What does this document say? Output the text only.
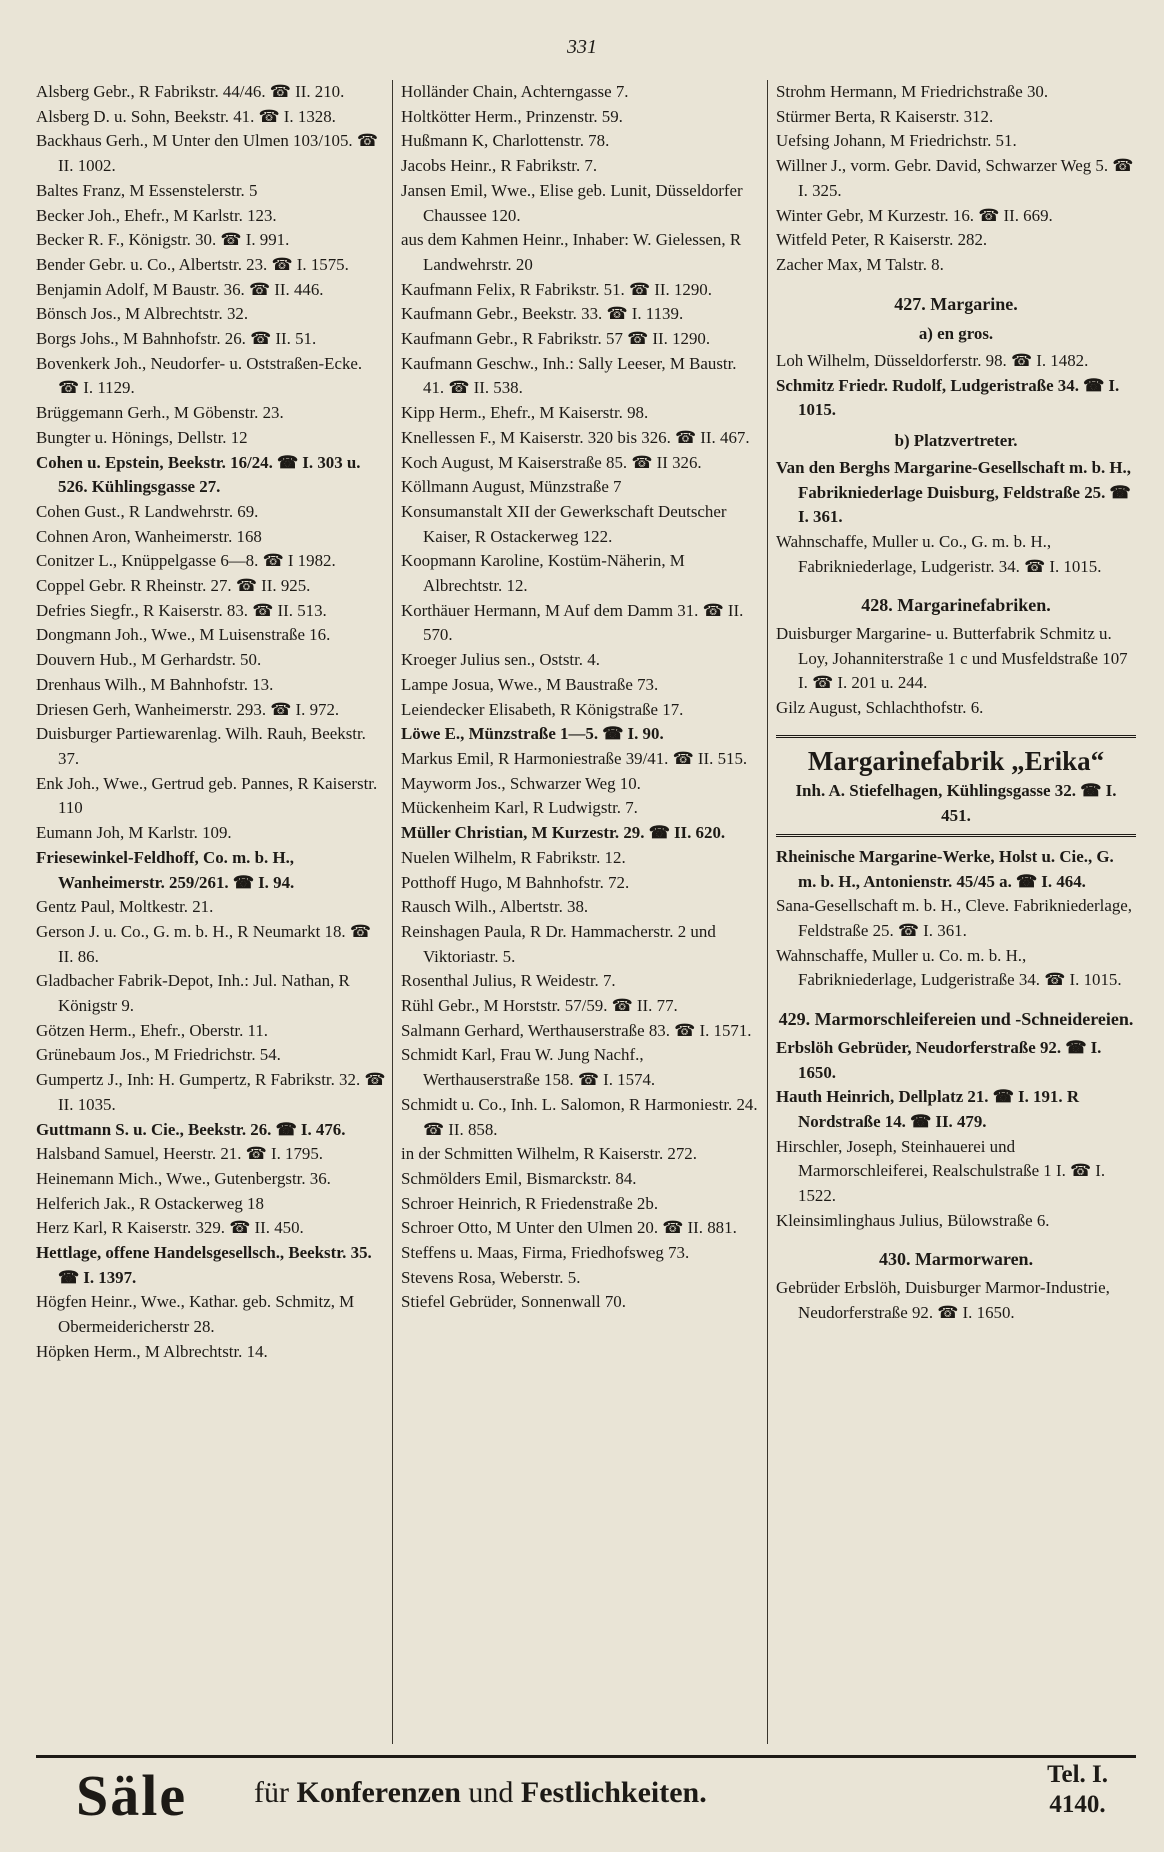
331

Alsberg Gebr., R Fabrikstr. 44/46. ☎ II. 210.

Alsberg D. u. Sohn, Beekstr. 41. ☎ I. 1328.

Backhaus Gerh., M Unter den Ulmen 103/105. ☎ II. 1002.

Baltes Franz, M Essenstelerstr. 5

Becker Joh., Ehefr., M Karlstr. 123.

Becker R. F., Königstr. 30. ☎ I. 991.

Bender Gebr. u. Co., Albertstr. 23. ☎ I. 1575.

Benjamin Adolf, M Baustr. 36. ☎ II. 446.

Bönsch Jos., M Albrechtstr. 32.

Borgs Johs., M Bahnhofstr. 26. ☎ II. 51.

Bovenkerk Joh., Neudorfer- u. Oststraßen-Ecke. ☎ I. 1129.

Brüggemann Gerh., M Göbenstr. 23.

Bungter u. Hönings, Dellstr. 12

Cohen u. Epstein, Beekstr. 16/24. ☎ I. 303 u. 526. Kühlingsgasse 27.

Cohen Gust., R Landwehrstr. 69.

Cohnen Aron, Wanheimerstr. 168

Conitzer L., Knüppelgasse 6—8. ☎ I 1982.

Coppel Gebr. R Rheinstr. 27. ☎ II. 925.

Defries Siegfr., R Kaiserstr. 83. ☎ II. 513.

Dongmann Joh., Wwe., M Luisenstraße 16.

Douvern Hub., M Gerhardstr. 50.

Drenhaus Wilh., M Bahnhofstr. 13.

Driesen Gerh, Wanheimerstr. 293. ☎ I. 972.

Duisburger Partiewarenlag. Wilh. Rauh, Beekstr. 37.

Enk Joh., Wwe., Gertrud geb. Pannes, R Kaiserstr. 110

Eumann Joh, M Karlstr. 109.

Friesewinkel-Feldhoff, Co. m. b. H., Wanheimerstr. 259/261. ☎ I. 94.

Gentz Paul, Moltkestr. 21.

Gerson J. u. Co., G. m. b. H., R Neumarkt 18. ☎ II. 86.

Gladbacher Fabrik-Depot, Inh.: Jul. Nathan, R Königstr 9.

Götzen Herm., Ehefr., Oberstr. 11.

Grünebaum Jos., M Friedrichstr. 54.

Gumpertz J., Inh: H. Gumpertz, R Fabrikstr. 32. ☎ II. 1035.

Guttmann S. u. Cie., Beekstr. 26. ☎ I. 476.

Halsband Samuel, Heerstr. 21. ☎ I. 1795.

Heinemann Mich., Wwe., Gutenbergstr. 36.

Helferich Jak., R Ostackerweg 18

Herz Karl, R Kaiserstr. 329. ☎ II. 450.

Hettlage, offene Handelsgesellsch., Beekstr. 35. ☎ I. 1397.

Högfen Heinr., Wwe., Kathar. geb. Schmitz, M Obermeidericherstr 28.

Höpken Herm., M Albrechtstr. 14.

Holländer Chain, Achterngasse 7.

Holtkötter Herm., Prinzenstr. 59.

Hußmann K, Charlottenstr. 78.

Jacobs Heinr., R Fabrikstr. 7.

Jansen Emil, Wwe., Elise geb. Lunit, Düsseldorfer Chaussee 120.

aus dem Kahmen Heinr., Inhaber: W. Gielessen, R Landwehrstr. 20

Kaufmann Felix, R Fabrikstr. 51. ☎ II. 1290.

Kaufmann Gebr., Beekstr. 33. ☎ I. 1139.

Kaufmann Gebr., R Fabrikstr. 57 ☎ II. 1290.

Kaufmann Geschw., Inh.: Sally Leeser, M Baustr. 41. ☎ II. 538.

Kipp Herm., Ehefr., M Kaiserstr. 98.

Knellessen F., M Kaiserstr. 320 bis 326. ☎ II. 467.

Koch August, M Kaiserstraße 85. ☎ II 326.

Köllmann August, Münzstraße 7

Konsumanstalt XII der Gewerkschaft Deutscher Kaiser, R Ostackerweg 122.

Koopmann Karoline, Kostüm-Näherin, M Albrechtstr. 12.

Korthäuer Hermann, M Auf dem Damm 31. ☎ II. 570.

Kroeger Julius sen., Oststr. 4.

Lampe Josua, Wwe., M Baustraße 73.

Leiendecker Elisabeth, R Königstraße 17.

Löwe E., Münzstraße 1—5. ☎ I. 90.

Markus Emil, R Harmoniestraße 39/41. ☎ II. 515.

Mayworm Jos., Schwarzer Weg 10.

Mückenheim Karl, R Ludwigstr. 7.

Müller Christian, M Kurzestr. 29. ☎ II. 620.

Nuelen Wilhelm, R Fabrikstr. 12.

Potthoff Hugo, M Bahnhofstr. 72.

Rausch Wilh., Albertstr. 38.

Reinshagen Paula, R Dr. Hammacherstr. 2 und Viktoriastr. 5.

Rosenthal Julius, R Weidestr. 7.

Rühl Gebr., M Horststr. 57/59. ☎ II. 77.

Salmann Gerhard, Werthauserstraße 83. ☎ I. 1571.

Schmidt Karl, Frau W. Jung Nachf., Werthauserstraße 158. ☎ I. 1574.

Schmidt u. Co., Inh. L. Salomon, R Harmoniestr. 24. ☎ II. 858.

in der Schmitten Wilhelm, R Kaiserstr. 272.

Schmölders Emil, Bismarckstr. 84.

Schroer Heinrich, R Friedenstraße 2b.

Schroer Otto, M Unter den Ulmen 20. ☎ II. 881.

Steffens u. Maas, Firma, Friedhofsweg 73.

Stevens Rosa, Weberstr. 5.

Stiefel Gebrüder, Sonnenwall 70.

Strohm Hermann, M Friedrichstraße 30.

Stürmer Berta, R Kaiserstr. 312.

Uefsing Johann, M Friedrichstr. 51.

Willner J., vorm. Gebr. David, Schwarzer Weg 5. ☎ I. 325.

Winter Gebr, M Kurzestr. 16. ☎ II. 669.

Witfeld Peter, R Kaiserstr. 282.

Zacher Max, M Talstr. 8.

427. Margarine.
a) en gros.

Loh Wilhelm, Düsseldorferstr. 98. ☎ I. 1482.

Schmitz Friedr. Rudolf, Ludgeristraße 34. ☎ I. 1015.

b) Platzvertreter.

Van den Berghs Margarine-Gesellschaft m. b. H., Fabrikniederlage Duisburg, Feldstraße 25. ☎ I. 361.

Wahnschaffe, Muller u. Co., G. m. b. H., Fabrikniederlage, Ludgeristr. 34. ☎ I. 1015.

428. Margarinefabriken.

Duisburger Margarine- u. Butterfabrik Schmitz u. Loy, Johanniterstraße 1 c und Musfeldstraße 107 I. ☎ I. 201 u. 244.

Gilz August, Schlachthofstr. 6.

Margarinefabrik „Erika“
Inh. A. Stiefelhagen, Kühlingsgasse 32. ☎ I. 451.

Rheinische Margarine-Werke, Holst u. Cie., G. m. b. H., Antonienstr. 45/45 a. ☎ I. 464.

Sana-Gesellschaft m. b. H., Cleve. Fabrikniederlage, Feldstraße 25. ☎ I. 361.

Wahnschaffe, Muller u. Co. m. b. H., Fabrikniederlage, Ludgeristraße 34. ☎ I. 1015.

429. Marmorschleifereien und -Schneidereien.

Erbslöh Gebrüder, Neudorferstraße 92. ☎ I. 1650.

Hauth Heinrich, Dellplatz 21. ☎ I. 191. R Nordstraße 14. ☎ II. 479.

Hirschler, Joseph, Steinhauerei und Marmorschleiferei, Realschulstraße 1 I. ☎ I. 1522.

Kleinsimlinghaus Julius, Bülowstraße 6.

430. Marmorwaren.

Gebrüder Erbslöh, Duisburger Marmor-Industrie, Neudorferstraße 92. ☎ I. 1650.

Säle für Konferenzen und Festlichkeiten.
Tel. I.
4140.
